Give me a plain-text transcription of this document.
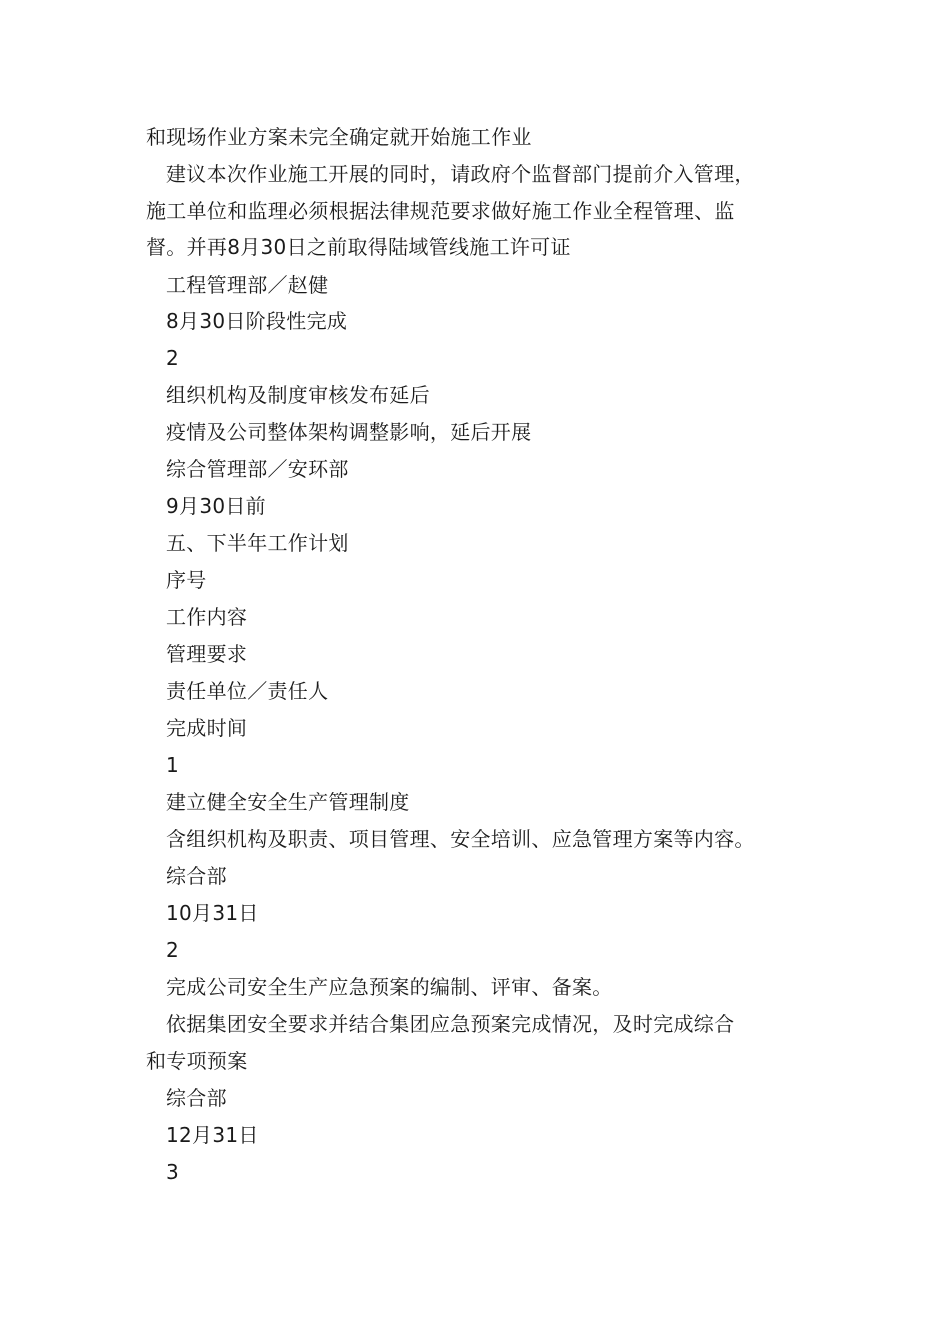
和现场作业方案未完全确定就开始施工作业
建议本次作业施工开展的同时，请政府个监督部门提前介入管理，
施工单位和监理必须根据法律规范要求做好施工作业全程管理、监
督。并再8月30日之前取得陆域管线施工许可证
工程管理部／赵健
8月30日阶段性完成
2
组织机构及制度审核发布延后
疫情及公司整体架构调整影响，延后开展
综合管理部／安环部
9月30日前
五、下半年工作计划
序号
工作内容
管理要求
责任单位／责任人
完成时间
1
建立健全安全生产管理制度
含组织机构及职责、项目管理、安全培训、应急管理方案等内容。
综合部
10月31日
2
完成公司安全生产应急预案的编制、评审、备案。
依据集团安全要求并结合集团应急预案完成情况，及时完成综合
和专项预案
综合部
12月31日
3
